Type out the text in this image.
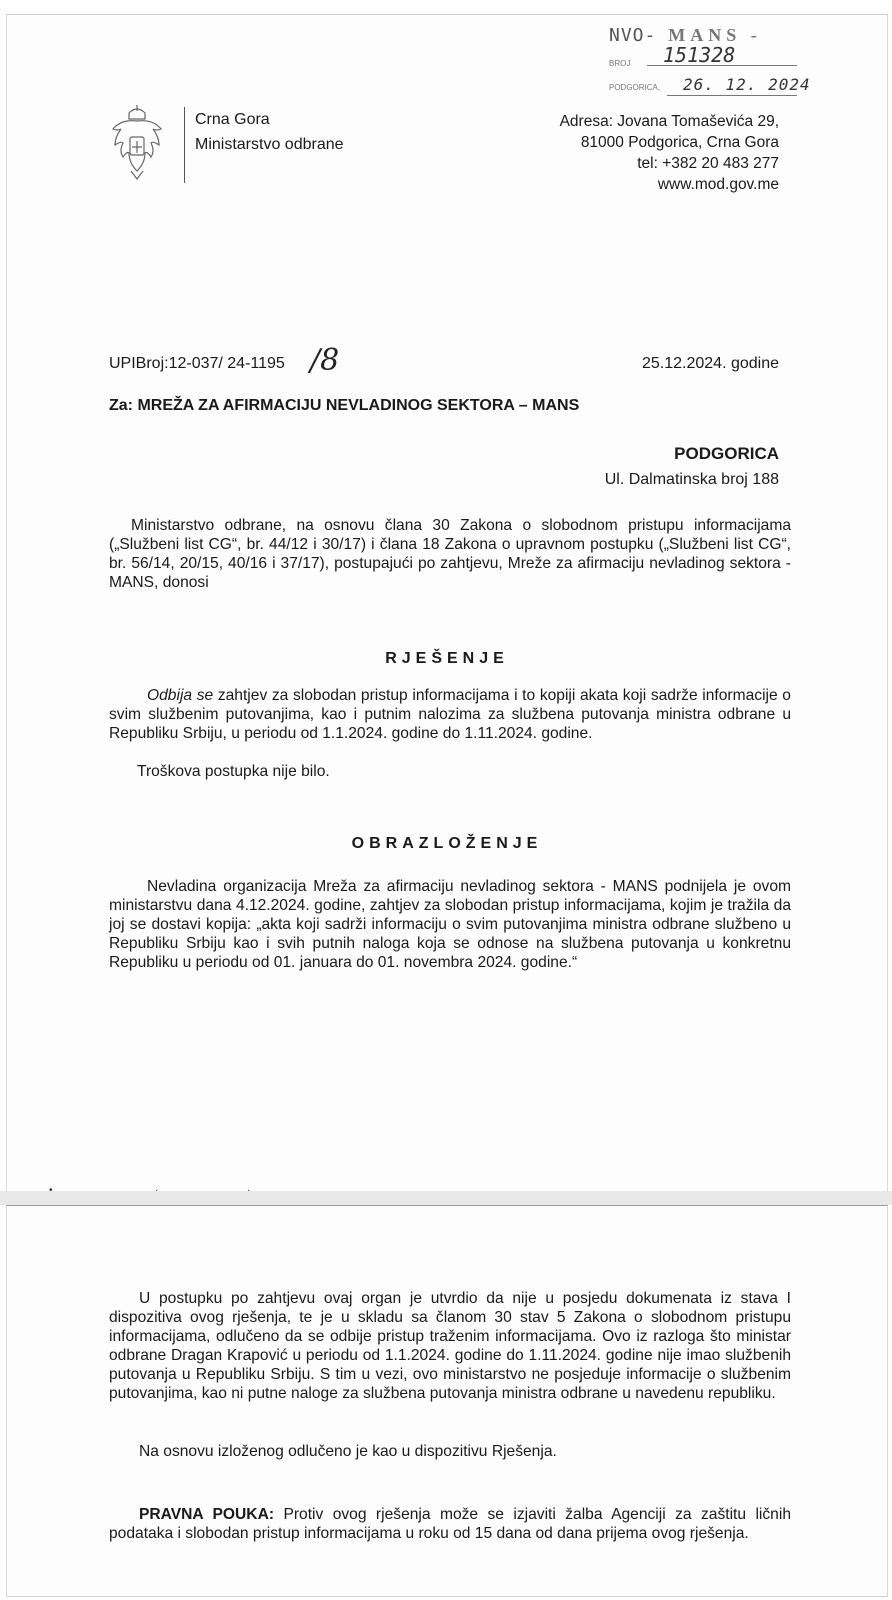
NVO- MANS -
BROJ 151328
PODGORICA, 26. 12. 2024
Crna Gora
Ministarstvo odbrane
Adresa: Jovana Tomaševića 29,
81000 Podgorica, Crna Gora
tel: +382 20 483 277
www.mod.gov.me
UPIBroj:12-037/ 24-1195 /8	25.12.2024. godine
Za: MREŽA ZA AFIRMACIJU NEVLADINOG SEKTORA – MANS
PODGORICA
Ul. Dalmatinska broj 188
Ministarstvo odbrane, na osnovu člana 30 Zakona o slobodnom pristupu informacijama („Službeni list CG“, br. 44/12 i 30/17) i člana 18 Zakona o upravnom postupku („Službeni list CG“, br. 56/14, 20/15, 40/16 i 37/17), postupajući po zahtjevu, Mreže za afirmaciju nevladinog sektora - MANS, donosi
RJEŠENJE
Odbija se zahtjev za slobodan pristup informacijama i to kopiji akata koji sadrže informacije o svim službenim putovanjima, kao i putnim nalozima za službena putovanja ministra odbrane u Republiku Srbiju, u periodu od 1.1.2024. godine do 1.11.2024. godine.
Troškova postupka nije bilo.
OBRAZLOŽENJE
Nevladina organizacija Mreža za afirmaciju nevladinog sektora - MANS podnijela je ovom ministarstvu dana 4.12.2024. godine, zahtjev za slobodan pristup informacijama, kojim je tražila da joj se dostavi kopija: „akta koji sadrži informaciju o svim putovanjima ministra odbrane službeno u Republiku Srbiju kao i svih putnih naloga koja se odnose na službena putovanja u konkretnu Republiku u periodu od 01. januara do 01. novembra 2024. godine.“
U postupku po zahtjevu ovaj organ je utvrdio da nije u posjedu dokumenata iz stava I dispozitiva ovog rješenja, te je u skladu sa članom 30 stav 5 Zakona o slobodnom pristupu informacijama, odlučeno da se odbije pristup traženim informacijama. Ovo iz razloga što ministar odbrane Dragan Krapović u periodu od 1.1.2024. godine do 1.11.2024. godine nije imao službenih putovanja u Republiku Srbiju. S tim u vezi, ovo ministarstvo ne posjeduje informacije o službenim putovanjima, kao ni putne naloge za službena putovanja ministra odbrane u navedenu republiku.
Na osnovu izloženog odlučeno je kao u dispozitivu Rješenja.
PRAVNA POUKA: Protiv ovog rješenja može se izjaviti žalba Agenciji za zaštitu ličnih podataka i slobodan pristup informacijama u roku od 15 dana od dana prijema ovog rješenja.
